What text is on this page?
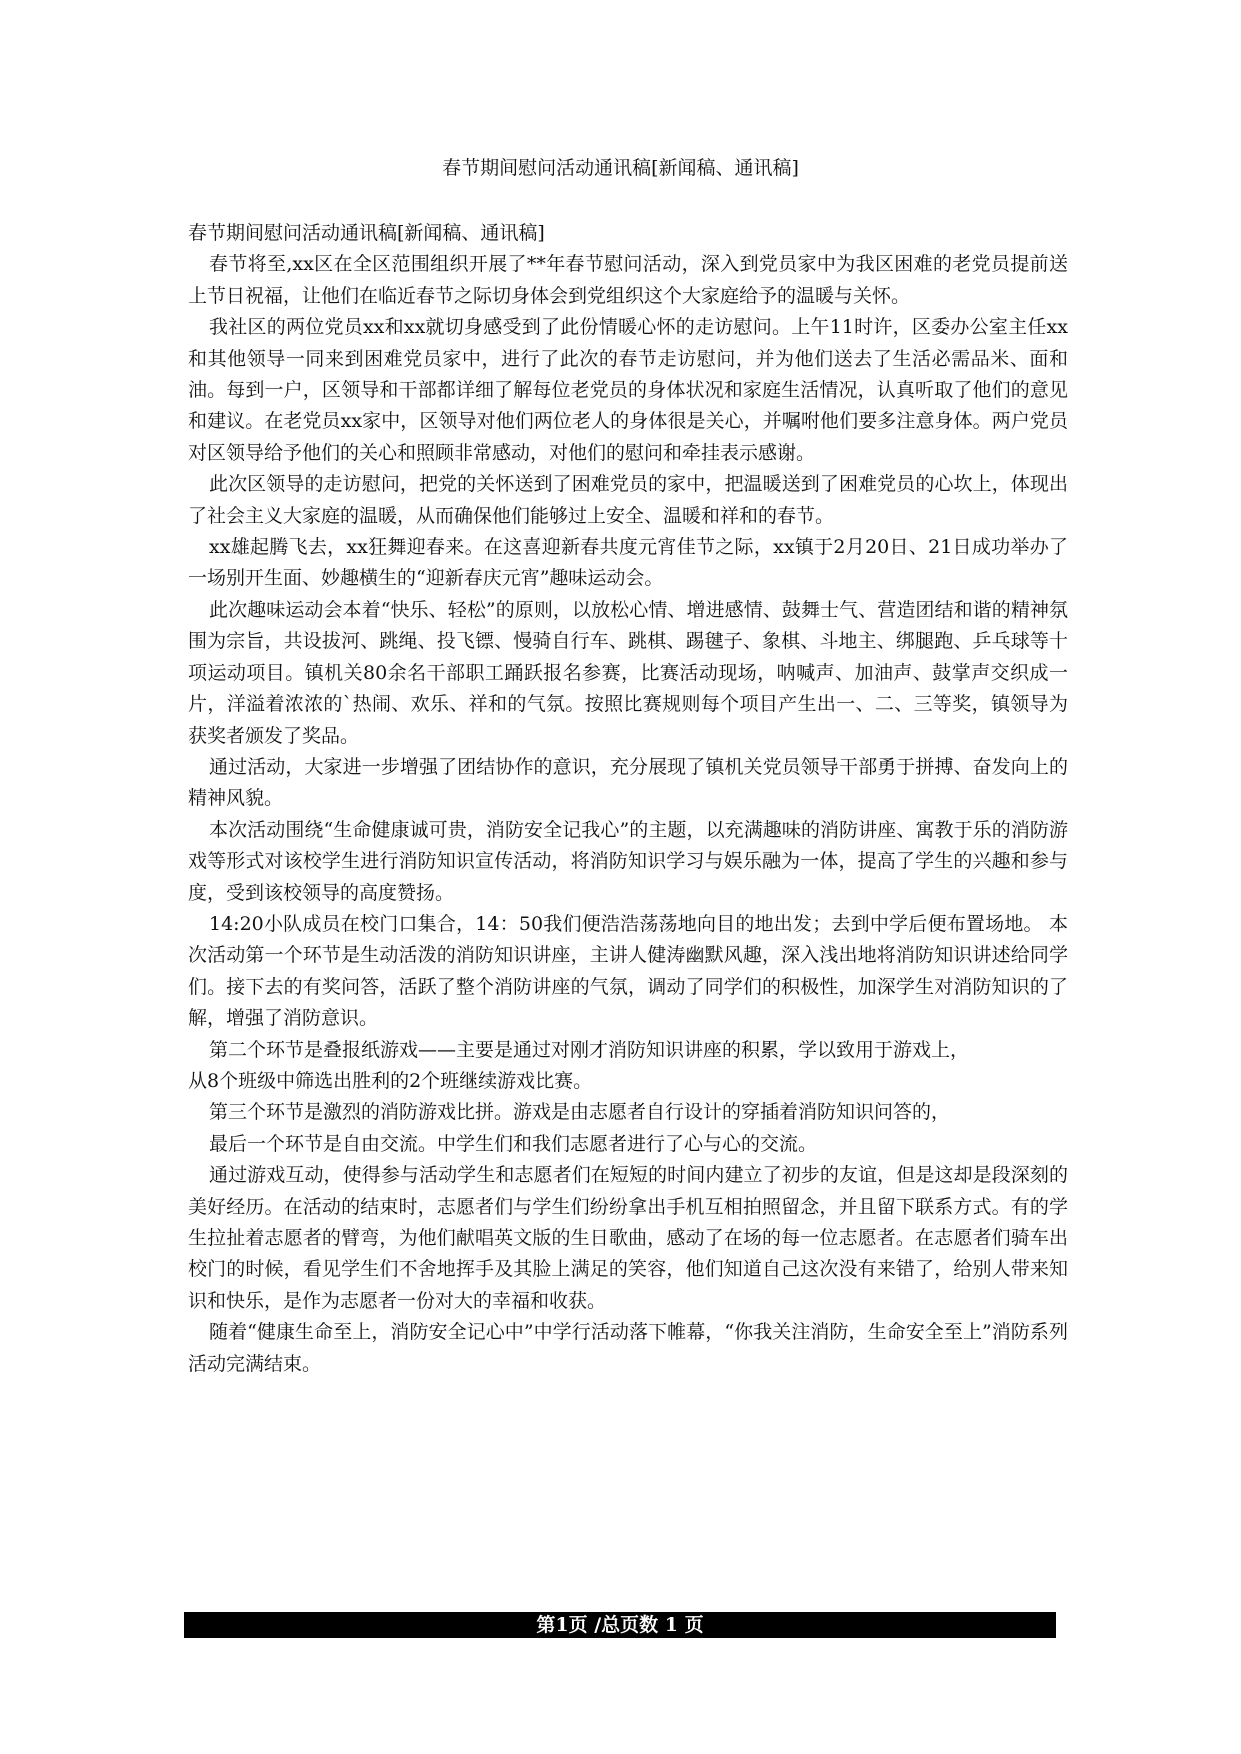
春节期间慰问活动通讯稿[新闻稿、通讯稿]

春节期间慰问活动通讯稿[新闻稿、通讯稿]

春节将至,xx区在全区范围组织开展了**年春节慰问活动，深入到党员家中为我区困难的老党员提前送上节日祝福，让他们在临近春节之际切身体会到党组织这个大家庭给予的温暖与关怀。

我社区的两位党员xx和xx就切身感受到了此份情暖心怀的走访慰问。上午11时许，区委办公室主任xx和其他领导一同来到困难党员家中，进行了此次的春节走访慰问，并为他们送去了生活必需品米、面和油。每到一户，区领导和干部都详细了解每位老党员的身体状况和家庭生活情况，认真听取了他们的意见和建议。在老党员xx家中，区领导对他们两位老人的身体很是关心，并嘱咐他们要多注意身体。两户党员对区领导给予他们的关心和照顾非常感动，对他们的慰问和牵挂表示感谢。

此次区领导的走访慰问，把党的关怀送到了困难党员的家中，把温暖送到了困难党员的心坎上，体现出了社会主义大家庭的温暖，从而确保他们能够过上安全、温暖和祥和的春节。

xx雄起腾飞去，xx狂舞迎春来。在这喜迎新春共度元宵佳节之际，xx镇于2月20日、21日成功举办了一场别开生面、妙趣横生的“迎新春庆元宵”趣味运动会。

此次趣味运动会本着“快乐、轻松”的原则，以放松心情、增进感情、鼓舞士气、营造团结和谐的精神氛围为宗旨，共设拔河、跳绳、投飞镖、慢骑自行车、跳棋、踢毽子、象棋、斗地主、绑腿跑、乒乓球等十项运动项目。镇机关80余名干部职工踊跃报名参赛，比赛活动现场，呐喊声、加油声、鼓掌声交织成一片，洋溢着浓浓的`热闹、欢乐、祥和的气氛。按照比赛规则每个项目产生出一、二、三等奖，镇领导为获奖者颁发了奖品。

通过活动，大家进一步增强了团结协作的意识，充分展现了镇机关党员领导干部勇于拼搏、奋发向上的精神风貌。

本次活动围绕“生命健康诚可贵，消防安全记我心”的主题，以充满趣味的消防讲座、寓教于乐的消防游戏等形式对该校学生进行消防知识宣传活动，将消防知识学习与娱乐融为一体，提高了学生的兴趣和参与度，受到该校领导的高度赞扬。

14:20小队成员在校门口集合，14：50我们便浩浩荡荡地向目的地出发；去到中学后便布置场地。 本次活动第一个环节是生动活泼的消防知识讲座，主讲人健涛幽默风趣，深入浅出地将消防知识讲述给同学们。接下去的有奖问答，活跃了整个消防讲座的气氛，调动了同学们的积极性，加深学生对消防知识的了解，增强了消防意识。

第二个环节是叠报纸游戏——主要是通过对刚才消防知识讲座的积累，学以致用于游戏上，

从8个班级中筛选出胜利的2个班继续游戏比赛。

第三个环节是激烈的消防游戏比拼。游戏是由志愿者自行设计的穿插着消防知识问答的，

最后一个环节是自由交流。中学生们和我们志愿者进行了心与心的交流。

通过游戏互动，使得参与活动学生和志愿者们在短短的时间内建立了初步的友谊，但是这却是段深刻的美好经历。在活动的结束时，志愿者们与学生们纷纷拿出手机互相拍照留念，并且留下联系方式。有的学生拉扯着志愿者的臂弯，为他们献唱英文版的生日歌曲，感动了在场的每一位志愿者。在志愿者们骑车出校门的时候，看见学生们不舍地挥手及其脸上满足的笑容，他们知道自己这次没有来错了，给别人带来知识和快乐，是作为志愿者一份对大的幸福和收获。

随着“健康生命至上，消防安全记心中”中学行活动落下帷幕，“你我关注消防，生命安全至上”消防系列活动完满结束。

第1页 /总页数 1 页
